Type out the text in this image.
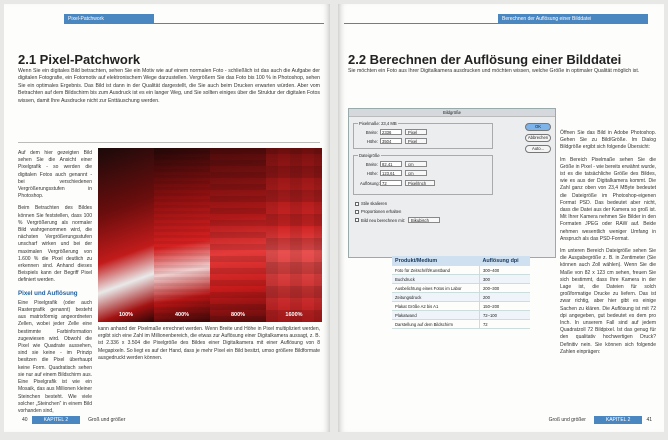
Pixel-Patchwork
2.1 Pixel-Patchwork
Wenn Sie ein digitales Bild betrachten, sehen Sie ein Motiv wie auf einem normalen Foto - schließlich ist das auch die Aufgabe der digitalen Fotografie, ein Fotomotiv auf elektronischem Wege darzustellen. Vergrößern Sie das Foto bis 100 % in Photoshop, sehen Sie ein optimales Ergebnis. Das Bild ist dann in der Qualität dargestellt, die Sie auch beim Drucken erwarten würden. Aber vom Betrachten auf dem Bildschirm bis zum Ausdruck ist es ein langer Weg, und Sie sollten einiges über die Struktur der digitalen Fotos wissen, damit Ihre Ausdrucke nicht zur Enttäuschung werden.

Auf dem hier gezeigten Bild sehen Sie die Ansicht einer Pixelgrafik - so werden die digitalen Fotos auch genannt - bei verschiedenen Vergrößerungsstufen in Photoshop.

Beim Betrachten des Bildes können Sie feststellen, dass 100 % Vergrößerung als normaler Bild wahrgenommen wird, die nächsten Vergrößerungsstufen unscharf wirken und bei der maximalen Vergrößerung von 1.600 % die Pixel deutlich zu erkennen sind. Anhand dieses Beispiels kann der Begriff Pixel definiert werden.

Pixel und Auflösung

Eine Pixelgrafik (oder auch Rastergrafik genannt) besteht aus matrixförmig angeordneten Zellen, wobei jeder Zelle eine bestimmte Farbinformation zugewiesen wird. Obwohl die Pixel wie Quadrate aussehen, sind sie keine - im Prinzip besitzen die Pixel überhaupt keine Form. Quadratisch sehen sie nur auf einem Bildschirm aus. Eine Pixelgrafik ist wie ein Mosaik, das aus Millionen kleiner Steinchen besteht. Wie viele solcher „Steinchen“ in einem Bild vorhanden sind,

100%	400%	800%	1600%
kann anhand der Pixelmaße errechnet werden. Wenn Breite und Höhe in Pixel multipliziert werden, ergibt sich eine Zahl im Millionenbereich, die etwas zur Auflösung einer Digitalkamera aussagt, z. B. ist 2.336 x 3.504 die Pixelgröße des Bildes einer Digitalkamera mit einer Auflösung von 8 Megapixeln. So liegt es auf der Hand, dass je mehr Pixel ein Bild besitzt, umso größere Bildformate ausgedruckt werden können.
40	KAPITEL 2	Groß und größer
Berechnen der Auflösung einer Bilddatei
2.2 Berechnen der Auflösung einer Bilddatei
Sie möchten ein Foto aus Ihrer Digitalkamera ausdrucken und möchten wissen, welche Größe in optimaler Qualität möglich ist.
Bildgröße
Pixelmaße: 23,4 MB
Breite: 2336	Pixel
Höhe: 3504	Pixel
Dateigröße
Breite: 82,41	cm
Höhe: 123,61	cm
Auflösung: 72	Pixel/Inch
Stile skalieren
Proportionen erhalten
Bild neu berechnen mit:	Bikubisch
OK
Abbrechen
Auto...
Produkt/Medium	Auflösung dpi
Foto für Zeitschrift/Kunstband	300–400
Buchdruck	300
Ausbelichtung eines Fotos im Labor	200–300
Zeitungsdruck	200
Plakat Größe A2 bis A1	150–200
Plakatwand	72–100
Darstellung auf dem Bildschirm	72

Öffnen Sie das Bild in Adobe Photoshop. Gehen Sie zu Bild/Größe. Im Dialog Bildgröße ergibt sich folgende Übersicht:

Im Bereich Pixelmaße sehen Sie die Größe in Pixel - wie bereits erwähnt wurde, ist es die tatsächliche Größe des Bildes, wie es aus der Digitalkamera kommt. Die Zahl ganz oben von 23,4 MByte bedeutet die Dateigröße im Photoshop-eigenen Format PSD. Das bedeutet aber nicht, dass die Datei aus der Kamera so groß ist. Mit Ihrer Kamera nehmen Sie Bilder in den Formaten JPEG oder RAW auf. Beide nehmen wesentlich weniger Umfang in Anspruch als das PSD-Format.

Im unteren Bereich Dateigröße sehen Sie die Ausgabegröße z. B. in Zentimeter (Sie können auch Zoll wählen). Wenn Sie die Maße von 82 x 123 cm sehen, freuen Sie sich bestimmt, dass Ihre Kamera in der Lage ist, die Dateien für solch großformatige Drucke zu liefern. Das ist zwar richtig, aber hier gibt es einige Sachen zu klären. Die Auflösung ist mit 72 dpi angegeben, gut bedeutet es dem pro Inch. In unserem Fall sind auf jedem Quadratzoll 72 Bildpixel. Ist das genug für den qualitativ hochwertigen Druck? Definitiv nein. Sie können sich folgende Zahlen einprägen:

Groß und größer	KAPITEL 2	41
